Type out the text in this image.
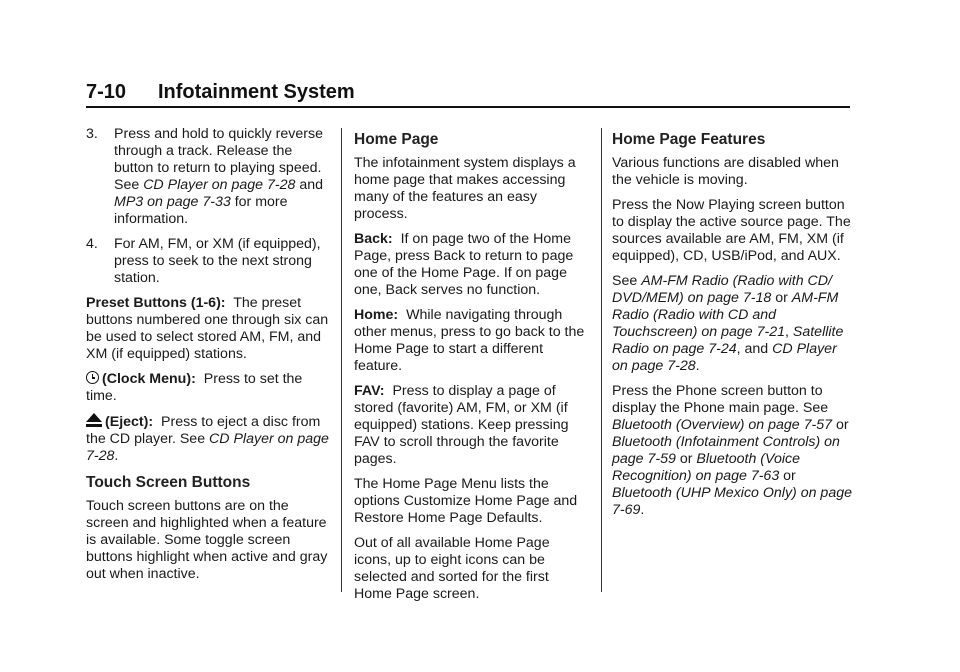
7-10 Infotainment System
3. Press and hold to quickly reverse through a track. Release the button to return to playing speed. See CD Player on page 7-28 and MP3 on page 7-33 for more information.
4. For AM, FM, or XM (if equipped), press to seek to the next strong station.

Preset Buttons (1-6): The preset buttons numbered one through six can be used to select stored AM, FM, and XM (if equipped) stations.

(Clock Menu): Press to set the time.

(Eject): Press to eject a disc from the CD player. See CD Player on page 7-28.

Touch Screen Buttons

Touch screen buttons are on the screen and highlighted when a feature is available. Some toggle screen buttons highlight when active and gray out when inactive.

Home Page

The infotainment system displays a home page that makes accessing many of the features an easy process.

Back: If on page two of the Home Page, press Back to return to page one of the Home Page. If on page one, Back serves no function.

Home: While navigating through other menus, press to go back to the Home Page to start a different feature.

FAV: Press to display a page of stored (favorite) AM, FM, or XM (if equipped) stations. Keep pressing FAV to scroll through the favorite pages.

The Home Page Menu lists the options Customize Home Page and Restore Home Page Defaults.

Out of all available Home Page icons, up to eight icons can be selected and sorted for the first Home Page screen.

Home Page Features

Various functions are disabled when the vehicle is moving.

Press the Now Playing screen button to display the active source page. The sources available are AM, FM, XM (if equipped), CD, USB/iPod, and AUX.

See AM-FM Radio (Radio with CD/ DVD/MEM) on page 7-18 or AM-FM Radio (Radio with CD and Touchscreen) on page 7-21, Satellite Radio on page 7-24, and CD Player on page 7-28.

Press the Phone screen button to display the Phone main page. See Bluetooth (Overview) on page 7-57 or Bluetooth (Infotainment Controls) on page 7-59 or Bluetooth (Voice Recognition) on page 7-63 or Bluetooth (UHP Mexico Only) on page 7-69.
